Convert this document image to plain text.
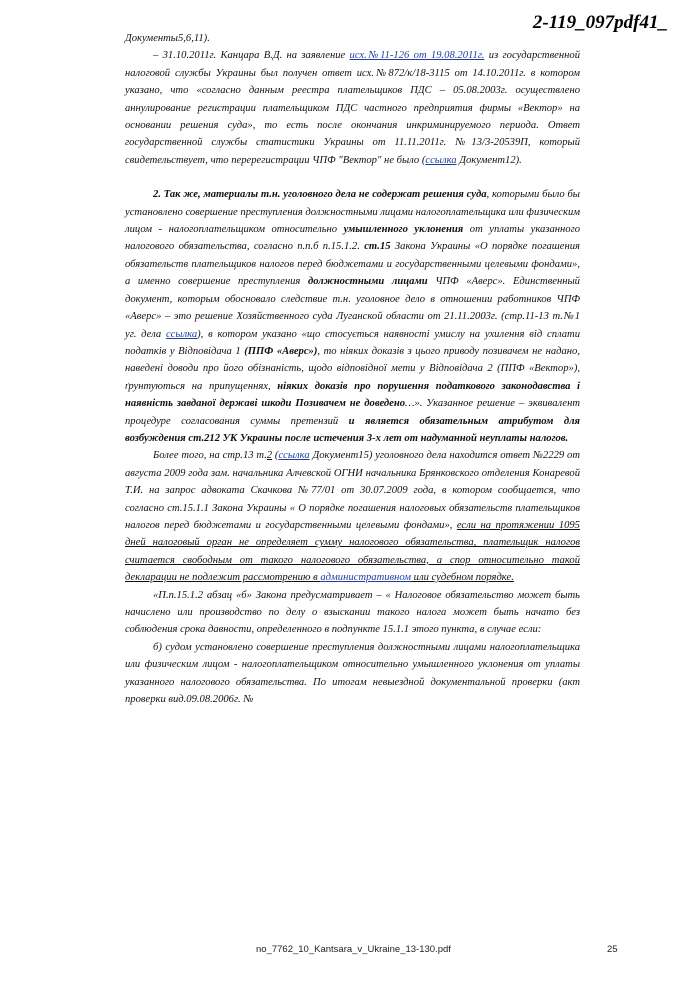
2-119_097pdf41_

Документы5,6,11).

– 31.10.2011г. Канцара В.Д. на заявление исх.№11-126 от 19.08.2011г. из государственной налоговой службы Украины был получен ответ исх.№872/к/18-3115 от 14.10.2011г. в котором указано, что «согласно данным реестра плательщиков ПДС – 05.08.2003г. осуществлено аннулирование регистрации плательщиком ПДС частного предприятия фирмы «Вектор» на основании решения суда», то есть после окончания инкриминируемого периода. Ответ государственной службы статистики Украины от 11.11.2011г. №13/3-20539П, который свидетельствует, что перерегистрации ЧПФ "Вектор" не было (ссылка Документ12).

2. Так же, материалы т.н. уголовного дела не содержат решения суда, которыми было бы установлено совершение преступления должностными лицами налогоплательщика или физическим лицом - налогоплательщиком относительно умышленного уклонения от уплаты указанного налогового обязательства, согласно п.п.б п.15.1.2. ст.15 Закона Украины «О порядке погашения обязательств плательщиков налогов перед бюджетами и государственными целевыми фондами», а именно совершение преступления должностными лицами ЧПФ «Аверс». Единственный документ, которым обосновало следствие т.н. уголовное дело в отношении работников ЧПФ «Аверс» – это решение Хозяйственного суда Луганской области от 21.11.2003г. (стр.11-13 т.№1 уг. дела ссылка), в котором указано «що стосується наявності умислу на ухилення від сплати податків у Відповідача 1 (ППФ «Аверс»), то ніяких доказів з цього приводу позивачем не надано, наведені доводи про його обізнаність, щодо відповідної мети у Відповідача 2 (ППФ «Вектор»), ґрунтуються на припущеннях, ніяких доказів про порушення податкового законодавства і наявність завданої державі шкоди Позивачем не доведено…». Указанное решение – эквивалент процедуре согласования суммы претензий и является обязательным атрибутом для возбуждения ст.212 УК Украины после истечения 3-х лет от надуманной неуплаты налогов.

Более того, на стр.13 т.2 (ссылка Документ15) уголовного дела находится ответ №2229 от августа 2009 года зам. начальника Алчевской ОГНИ начальника Брянковского отделения Конаревой Т.И. на запрос адвоката Скачкова №77/01 от 30.07.2009 года, в котором сообщается, что согласно ст.15.1.1 Закона Украины « О порядке погашения налоговых обязательств плательщиков налогов перед бюджетами и государственными целевыми фондами», если на протяжении 1095 дней налоговый орган не определяет сумму налогового обязательства, плательщик налогов считается свободным от такого налогового обязательства, а спор относительно такой декларации не подлежит рассмотрению в административном или судебном порядке.

«П.п.15.1.2 абзац «б» Закона предусматривает – « Налоговое обязательство может быть начислено или производство по делу о взыскании такого налога может быть начато без соблюдения срока давности, определенного в подпункте 15.1.1 этого пункта, в случае если:

б) судом установлено совершение преступления должностными лицами налогоплательщика или физическим лицом - налогоплательщиком относительно умышленного уклонения от уплаты указанного налогового обязательства. По итогам невыездной документальной проверки (акт проверки вид.09.08.2006г. №

no_7762_10_Kantsara_v_Ukraine_13-130.pdf	25
